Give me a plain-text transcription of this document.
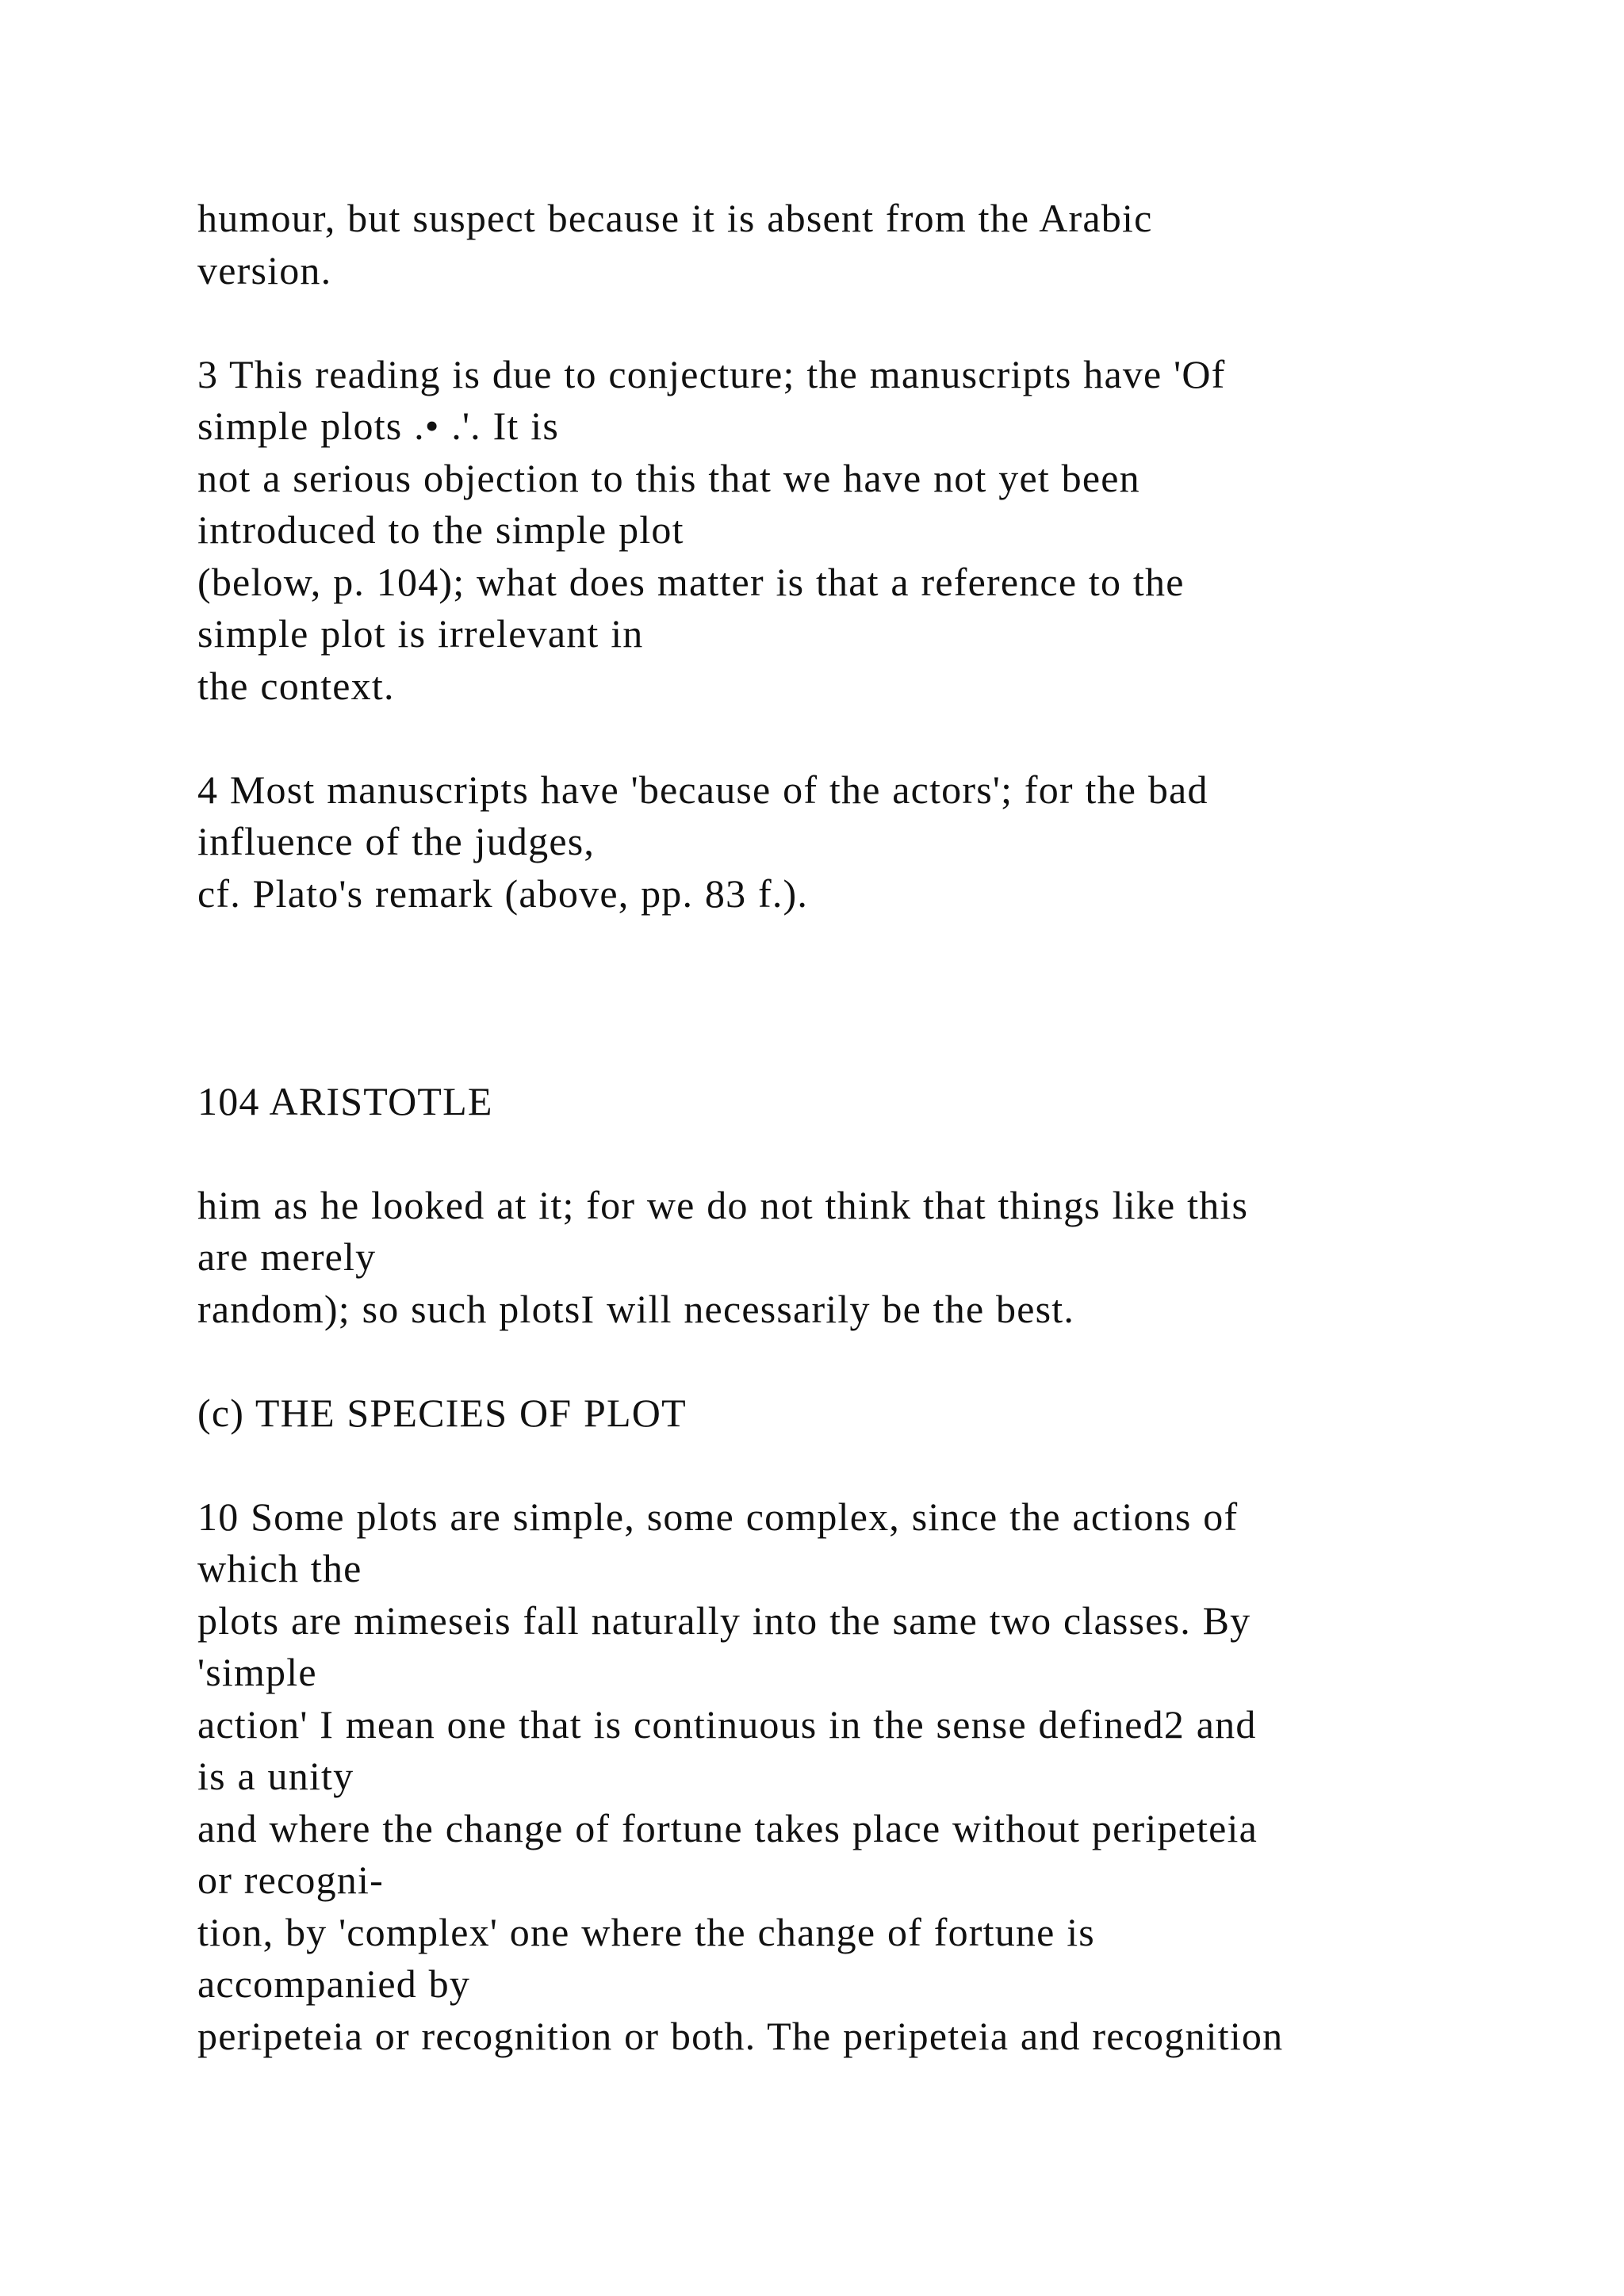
humour, but suspect because it is absent from the Arabic
version.
3 This reading is due to conjecture; the manuscripts have 'Of
simple plots .• .'. It is
not a serious objection to this that we have not yet been
introduced to the simple plot
(below, p. 104); what does matter is that a reference to the
simple plot is irrelevant in
the context.
4 Most manuscripts have 'because of the actors'; for the bad
influence of the judges,
cf. Plato's remark (above, pp. 83 f.).
104 ARISTOTLE
him as he looked at it; for we do not think that things like this
are merely
random); so such plotsI will necessarily be the best.
(c) THE SPECIES OF PLOT
10 Some plots are simple, some complex, since the actions of
which the
plots are mimeseis fall naturally into the same two classes. By
'simple
action' I mean one that is continuous in the sense defined2 and
is a unity
and where the change of fortune takes place without peripeteia
or recogni-
tion, by 'complex' one where the change of fortune is
accompanied by
peripeteia or recognition or both. The peripeteia and recognition
